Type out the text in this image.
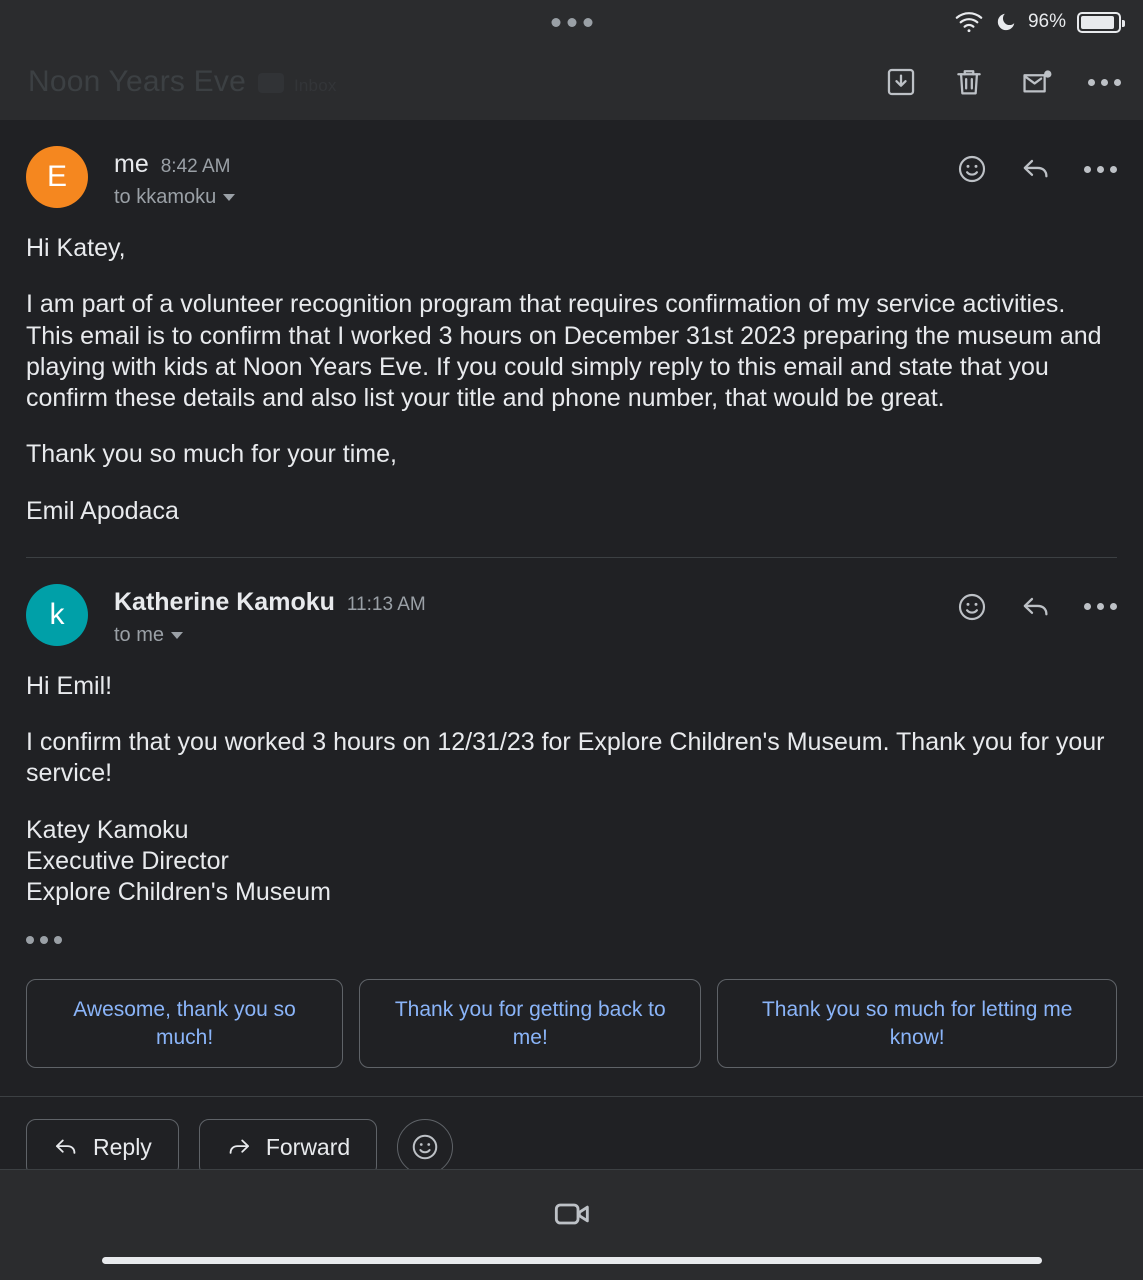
96%
Noon Years Eve	Inbox
E	me 8:42 AM
to kkamoku

Hi Katey,

I am part of a volunteer recognition program that requires confirmation of my service activities. This email is to confirm that I worked 3 hours on December 31st 2023 preparing the museum and playing with kids at Noon Years Eve. If you could simply reply to this email and state that you confirm these details and also list your title and phone number, that would be great.

Thank you so much for your time,

Emil Apodaca

k	Katherine Kamoku 11:13 AM
to me

Hi Emil!

I confirm that you worked 3 hours on 12/31/23 for Explore Children's Museum. Thank you for your service!

Katey Kamoku
Executive Director
Explore Children's Museum

Awesome, thank you so much!
Thank you for getting back to me!
Thank you so much for letting me know!
Reply	Forward
